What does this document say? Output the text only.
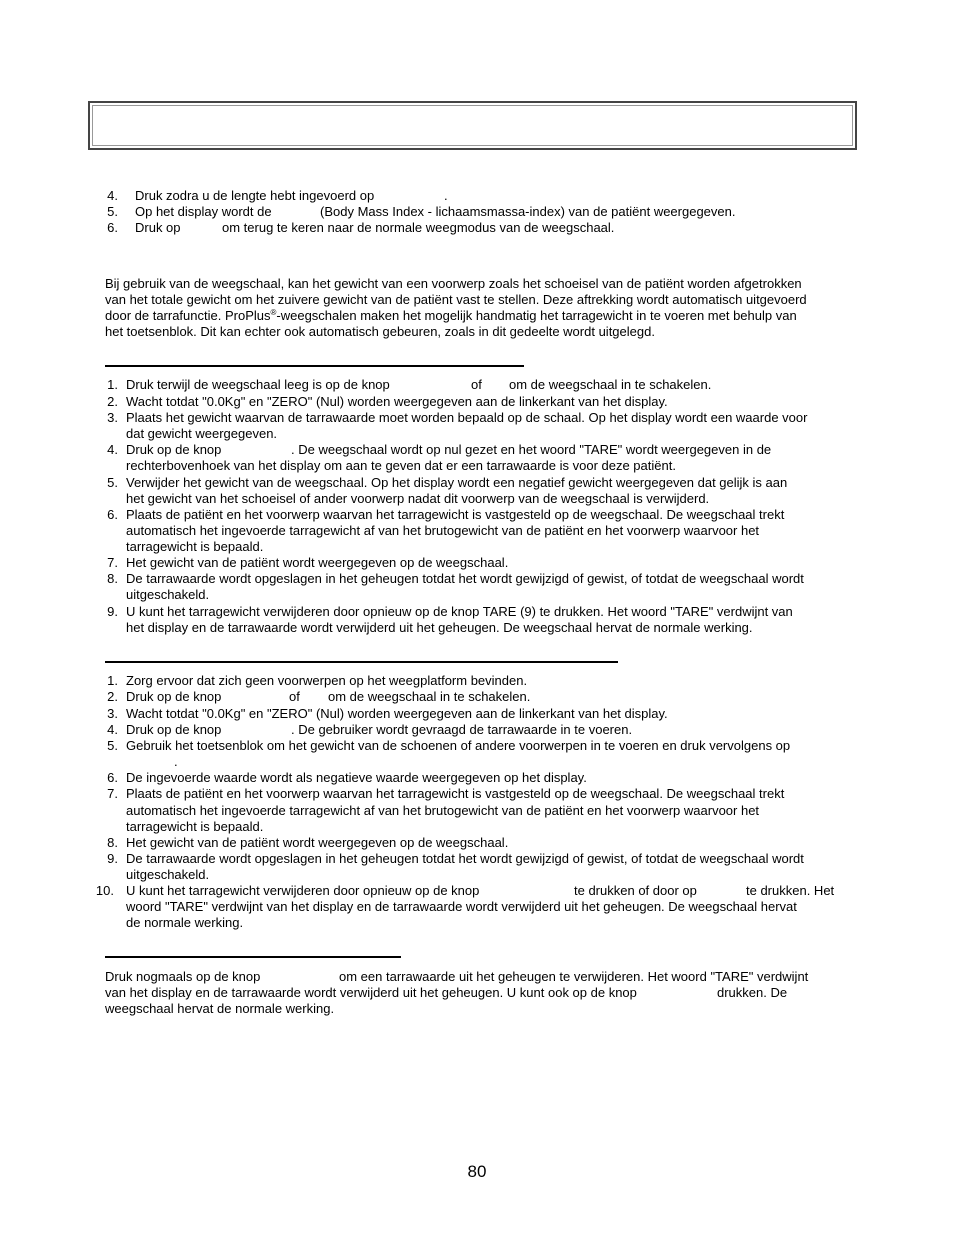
4. Druk zodra u de lengte hebt ingevoerd op	.
5. Op het display wordt de	(Body Mass Index - lichaamsmassa-index) van de patiënt weergegeven.
6. Druk op	om terug te keren naar de normale weegmodus van de weegschaal.
Bij gebruik van de weegschaal, kan het gewicht van een voorwerp zoals het schoeisel van de patiënt worden afgetrokken
van het totale gewicht om het zuivere gewicht van de patiënt vast te stellen. Deze aftrekking wordt automatisch uitgevoerd
door de tarrafunctie. ProPlus®-weegschalen maken het mogelijk handmatig het tarragewicht in te voeren met behulp van
het toetsenblok. Dit kan echter ook automatisch gebeuren, zoals in dit gedeelte wordt uitgelegd.
1. Druk terwijl de weegschaal leeg is op de knop	of om de weegschaal in te schakelen.
2. Wacht totdat "0.0Kg" en "ZERO" (Nul) worden weergegeven aan de linkerkant van het display.
3. Plaats het gewicht waarvan de tarrawaarde moet worden bepaald op de schaal. Op het display wordt een waarde voor
dat gewicht weergegeven.
4. Druk op de knop	. De weegschaal wordt op nul gezet en het woord "TARE" wordt weergegeven in de
rechterbovenhoek van het display om aan te geven dat er een tarrawaarde is voor deze patiënt.
5. Verwijder het gewicht van de weegschaal. Op het display wordt een negatief gewicht weergegeven dat gelijk is aan
het gewicht van het schoeisel of ander voorwerp nadat dit voorwerp van de weegschaal is verwijderd.
6. Plaats de patiënt en het voorwerp waarvan het tarragewicht is vastgesteld op de weegschaal. De weegschaal trekt
automatisch het ingevoerde tarragewicht af van het brutogewicht van de patiënt en het voorwerp waarvoor het
tarragewicht is bepaald.
7. Het gewicht van de patiënt wordt weergegeven op de weegschaal.
8. De tarrawaarde wordt opgeslagen in het geheugen totdat het wordt gewijzigd of gewist, of totdat de weegschaal wordt
uitgeschakeld.
9. U kunt het tarragewicht verwijderen door opnieuw op de knop TARE (9) te drukken. Het woord "TARE" verdwijnt van
het display en de tarrawaarde wordt verwijderd uit het geheugen. De weegschaal hervat de normale werking.
1. Zorg ervoor dat zich geen voorwerpen op het weegplatform bevinden.
2. Druk op de knop	of om de weegschaal in te schakelen.
3. Wacht totdat "0.0Kg" en "ZERO" (Nul) worden weergegeven aan de linkerkant van het display.
4. Druk op de knop	. De gebruiker wordt gevraagd de tarrawaarde in te voeren.
5. Gebruik het toetsenblok om het gewicht van de schoenen of andere voorwerpen in te voeren en druk vervolgens op
.
6. De ingevoerde waarde wordt als negatieve waarde weergegeven op het display.
7. Plaats de patiënt en het voorwerp waarvan het tarragewicht is vastgesteld op de weegschaal. De weegschaal trekt
automatisch het ingevoerde tarragewicht af van het brutogewicht van de patiënt en het voorwerp waarvoor het
tarragewicht is bepaald.
8. Het gewicht van de patiënt wordt weergegeven op de weegschaal.
9. De tarrawaarde wordt opgeslagen in het geheugen totdat het wordt gewijzigd of gewist, of totdat de weegschaal wordt
uitgeschakeld.
10. U kunt het tarragewicht verwijderen door opnieuw op de knop	te drukken of door op	te drukken. Het
woord "TARE" verdwijnt van het display en de tarrawaarde wordt verwijderd uit het geheugen. De weegschaal hervat
de normale werking.
Druk nogmaals op de knop	om een tarrawaarde uit het geheugen te verwijderen. Het woord "TARE" verdwijnt
van het display en de tarrawaarde wordt verwijderd uit het geheugen. U kunt ook op de knop	drukken. De
weegschaal hervat de normale werking.
80
